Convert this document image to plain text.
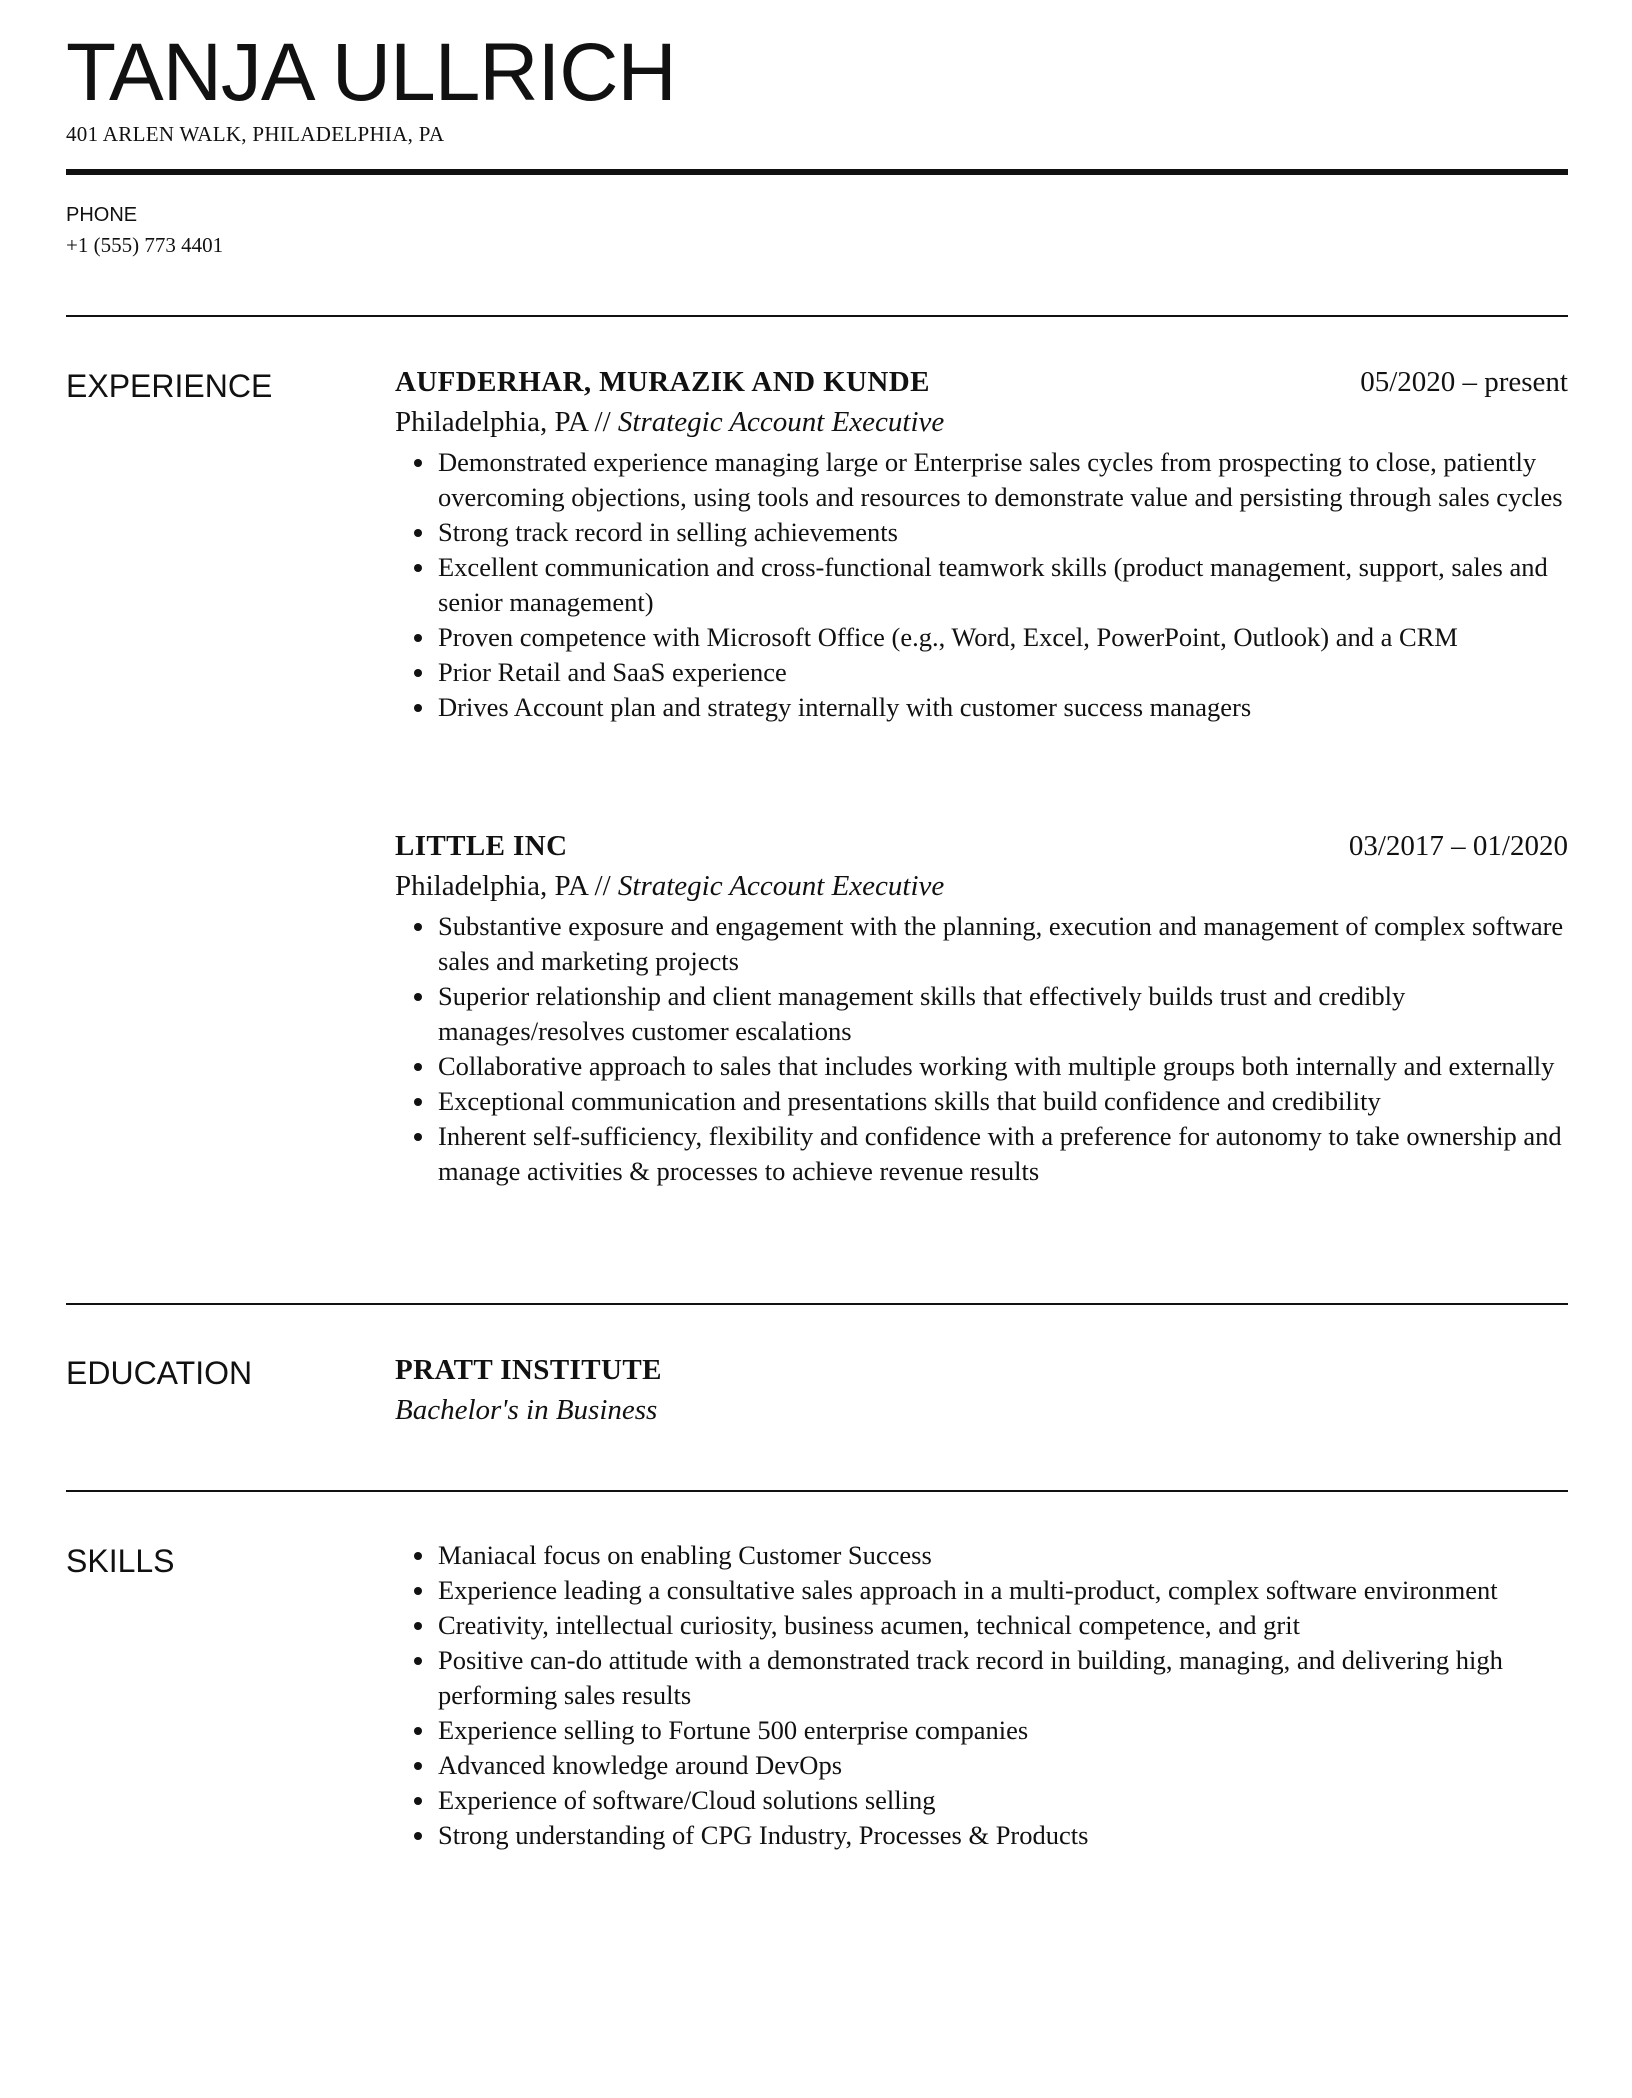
TANJA ULLRICH
401 ARLEN WALK, PHILADELPHIA, PA
PHONE
+1 (555) 773 4401
EXPERIENCE	AUFDERHAR, MURAZIK AND KUNDE	05/2020 – present
Philadelphia, PA // Strategic Account Executive
Demonstrated experience managing large or Enterprise sales cycles from prospecting to close, patiently overcoming objections, using tools and resources to demonstrate value and persisting through sales cycles
Strong track record in selling achievements
Excellent communication and cross-functional teamwork skills (product management, support, sales and senior management)
Proven competence with Microsoft Office (e.g., Word, Excel, PowerPoint, Outlook) and a CRM
Prior Retail and SaaS experience
Drives Account plan and strategy internally with customer success managers
LITTLE INC	03/2017 – 01/2020
Philadelphia, PA // Strategic Account Executive
Substantive exposure and engagement with the planning, execution and management of complex software sales and marketing projects
Superior relationship and client management skills that effectively builds trust and credibly manages/resolves customer escalations
Collaborative approach to sales that includes working with multiple groups both internally and externally
Exceptional communication and presentations skills that build confidence and credibility
Inherent self-sufficiency, flexibility and confidence with a preference for autonomy to take ownership and manage activities & processes to achieve revenue results
EDUCATION	PRATT INSTITUTE
Bachelor's in Business
SKILLS	Maniacal focus on enabling Customer Success
Experience leading a consultative sales approach in a multi-product, complex software environment
Creativity, intellectual curiosity, business acumen, technical competence, and grit
Positive can-do attitude with a demonstrated track record in building, managing, and delivering high performing sales results
Experience selling to Fortune 500 enterprise companies
Advanced knowledge around DevOps
Experience of software/Cloud solutions selling
Strong understanding of CPG Industry, Processes & Products
